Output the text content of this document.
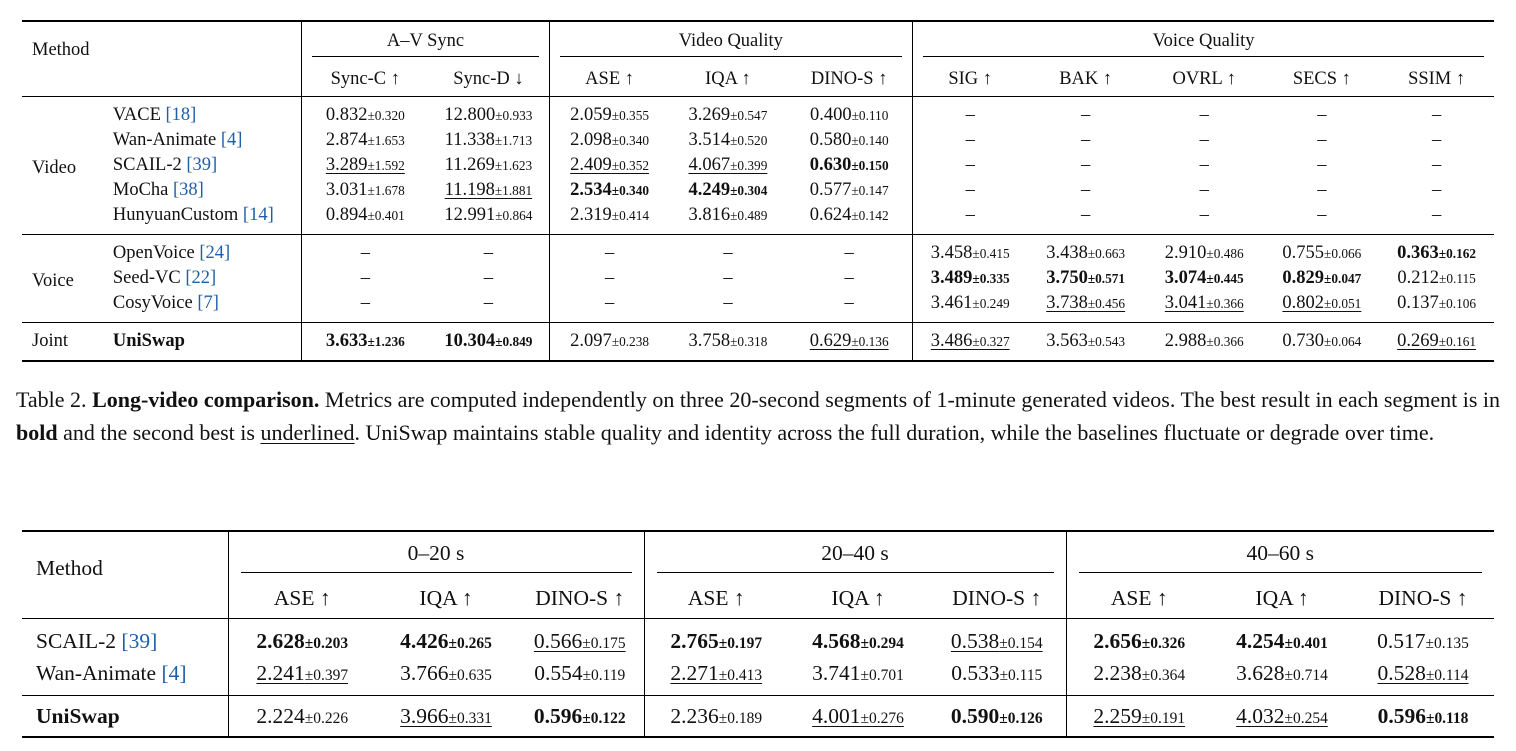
Method		A–V Sync		Video Quality			Voice Quality				

		Sync-C ↑	Sync-D ↓	ASE ↑	IQA ↑	DINO-S ↑	SIG ↑	BAK ↑	OVRL ↑	SECS ↑	SSIM ↑
Video	VACE [18]	0.832±0.320	12.800±0.933	2.059±0.355	3.269±0.547	0.400±0.110	–	–	–	–	–
	Wan-Animate [4]	2.874±1.653	11.338±1.713	2.098±0.340	3.514±0.520	0.580±0.140	–	–	–	–	–
	SCAIL-2 [39]	3.289±1.592	11.269±1.623	2.409±0.352	4.067±0.399	0.630±0.150	–	–	–	–	–
	MoCha [38]	3.031±1.678	11.198±1.881	2.534±0.340	4.249±0.304	0.577±0.147	–	–	–	–	–
	HunyuanCustom [14]	0.894±0.401	12.991±0.864	2.319±0.414	3.816±0.489	0.624±0.142	–	–	–	–	–
Voice	OpenVoice [24]	–	–	–	–	–	3.458±0.415	3.438±0.663	2.910±0.486	0.755±0.066	0.363±0.162
	Seed-VC [22]	–	–	–	–	–	3.489±0.335	3.750±0.571	3.074±0.445	0.829±0.047	0.212±0.115
	CosyVoice [7]	–	–	–	–	–	3.461±0.249	3.738±0.456	3.041±0.366	0.802±0.051	0.137±0.106
Joint	UniSwap	3.633±1.236	10.304±0.849	2.097±0.238	3.758±0.318	0.629±0.136	3.486±0.327	3.563±0.543	2.988±0.366	0.730±0.064	0.269±0.161

Table 2. Long-video comparison. Metrics are computed independently on three 20-second segments of 1-minute generated videos. The best result in each segment is in bold and the second best is underlined. UniSwap maintains stable quality and identity across the full duration, while the baselines fluctuate or degrade over time.

Method	0–20 s			20–40 s			40–60 s		

	ASE ↑	IQA ↑	DINO-S ↑	ASE ↑	IQA ↑	DINO-S ↑	ASE ↑	IQA ↑	DINO-S ↑
SCAIL-2 [39]	2.628±0.203	4.426±0.265	0.566±0.175	2.765±0.197	4.568±0.294	0.538±0.154	2.656±0.326	4.254±0.401	0.517±0.135
Wan-Animate [4]	2.241±0.397	3.766±0.635	0.554±0.119	2.271±0.413	3.741±0.701	0.533±0.115	2.238±0.364	3.628±0.714	0.528±0.114
UniSwap	2.224±0.226	3.966±0.331	0.596±0.122	2.236±0.189	4.001±0.276	0.590±0.126	2.259±0.191	4.032±0.254	0.596±0.118
